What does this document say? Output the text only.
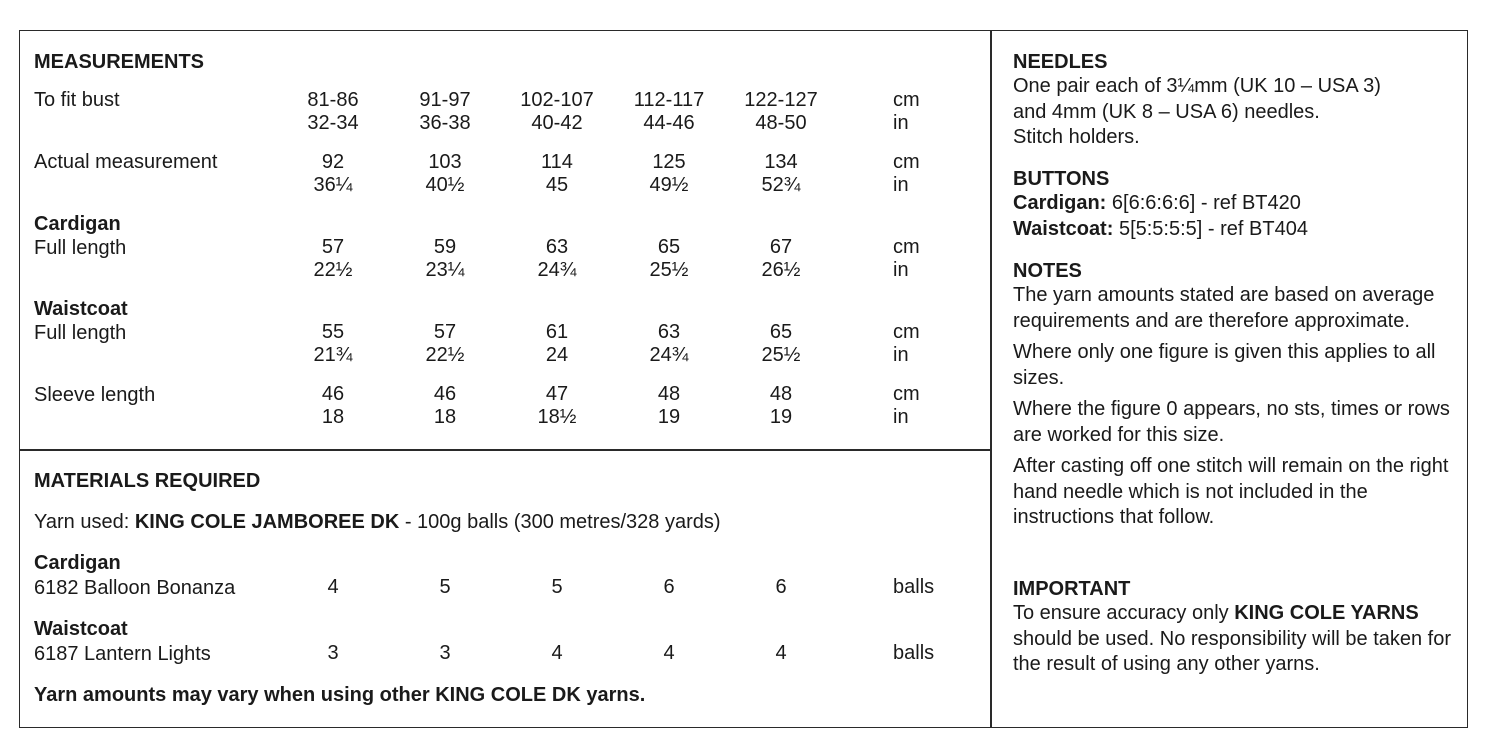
MEASUREMENTS
To fit bust	81-86	91-97	102-107	112-117	122-127	cm
32-34	36-38	40-42	44-46	48-50	in
Actual measurement	92	103	114	125	134	cm
36¼	40½	45	49½	52¾	in
Cardigan
Full length	57	59	63	65	67	cm
22½	23¼	24¾	25½	26½	in
Waistcoat
Full length	55	57	61	63	65	cm
21¾	22½	24	24¾	25½	in
Sleeve length	46	46	47	48	48	cm
18	18	18½	19	19	in
MATERIALS REQUIRED
Yarn used: KING COLE JAMBOREE DK - 100g balls (300 metres/328 yards)
Cardigan
6182 Balloon Bonanza	4	5	5	6	6	balls
Waistcoat
6187 Lantern Lights	3	3	4	4	4	balls
Yarn amounts may vary when using other KING COLE DK yarns.

NEEDLES

One pair each of 3¼mm (UK 10 – USA 3)

and 4mm (UK 8 – USA 6) needles.

Stitch holders.

BUTTONS

Cardigan: 6[6:6:6:6] - ref BT420

Waistcoat: 5[5:5:5:5] - ref BT404

NOTES

The yarn amounts stated are based on average requirements and are therefore approximate.

Where only one figure is given this applies to all sizes.

Where the figure 0 appears, no sts, times or rows are worked for this size.

After casting off one stitch will remain on the right hand needle which is not included in the instructions that follow.

IMPORTANT

To ensure accuracy only KING COLE YARNS should be used. No responsibility will be taken for the result of using any other yarns.
